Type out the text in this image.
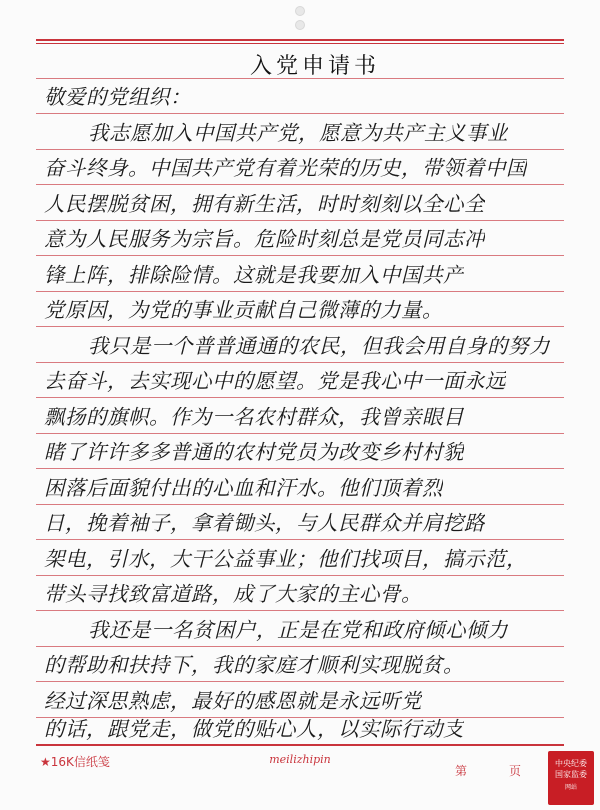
入党申请书
敬爱的党组织：
我志愿加入中国共产党，愿意为共产主义事业
奋斗终身。中国共产党有着光荣的历史，带领着中国
人民摆脱贫困，拥有新生活，时时刻刻以全心全
意为人民服务为宗旨。危险时刻总是党员同志冲
锋上阵，排除险情。这就是我要加入中国共产
党原因，为党的事业贡献自己微薄的力量。
我只是一个普普通通的农民，但我会用自身的努力
去奋斗，去实现心中的愿望。党是我心中一面永远
飘扬的旗帜。作为一名农村群众，我曾亲眼目
睹了许许多多普通的农村党员为改变乡村村貌
困落后面貌付出的心血和汗水。他们顶着烈
日，挽着袖子，拿着锄头，与人民群众并肩挖路
架电，引水，大干公益事业；他们找项目，搞示范，
带头寻找致富道路，成了大家的主心骨。
我还是一名贫困户，正是在党和政府倾心倾力
的帮助和扶持下，我的家庭才顺利实现脱贫。
经过深思熟虑，最好的感恩就是永远听党
的话，跟党走，做党的贴心人，以实际行动支
★16K信纸笺	meilizhipin
第	页
中央纪委
国家监委
网站
